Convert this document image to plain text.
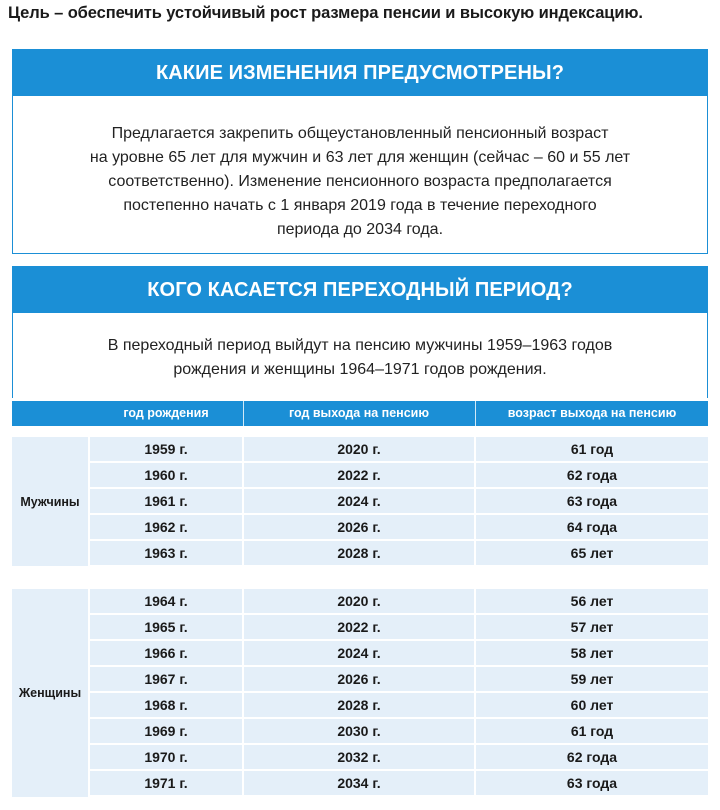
Цель – обеспечить устойчивый рост размера пенсии и высокую индексацию.
КАКИЕ ИЗМЕНЕНИЯ ПРЕДУСМОТРЕНЫ?
Предлагается закрепить общеустановленный пенсионный возраст
на уровне 65 лет для мужчин и 63 лет для женщин (сейчас – 60 и 55 лет
соответственно). Изменение пенсионного возраста предполагается
постепенно начать с 1 января 2019 года в течение переходного
периода до 2034 года.
КОГО КАСАЕТСЯ ПЕРЕХОДНЫЙ ПЕРИОД?
В переходный период выйдут на пенсию мужчины 1959–1963 годов
рождения и женщины 1964–1971 годов рождения.
год рождения	год выхода на пенсию	возраст выхода на пенсию
Мужчины
1959 г.	2020 г.	61 год
1960 г.	2022 г.	62 года
1961 г.	2024 г.	63 года
1962 г.	2026 г.	64 года
1963 г.	2028 г.	65 лет
Женщины
1964 г.	2020 г.	56 лет
1965 г.	2022 г.	57 лет
1966 г.	2024 г.	58 лет
1967 г.	2026 г.	59 лет
1968 г.	2028 г.	60 лет
1969 г.	2030 г.	61 год
1970 г.	2032 г.	62 года
1971 г.	2034 г.	63 года
